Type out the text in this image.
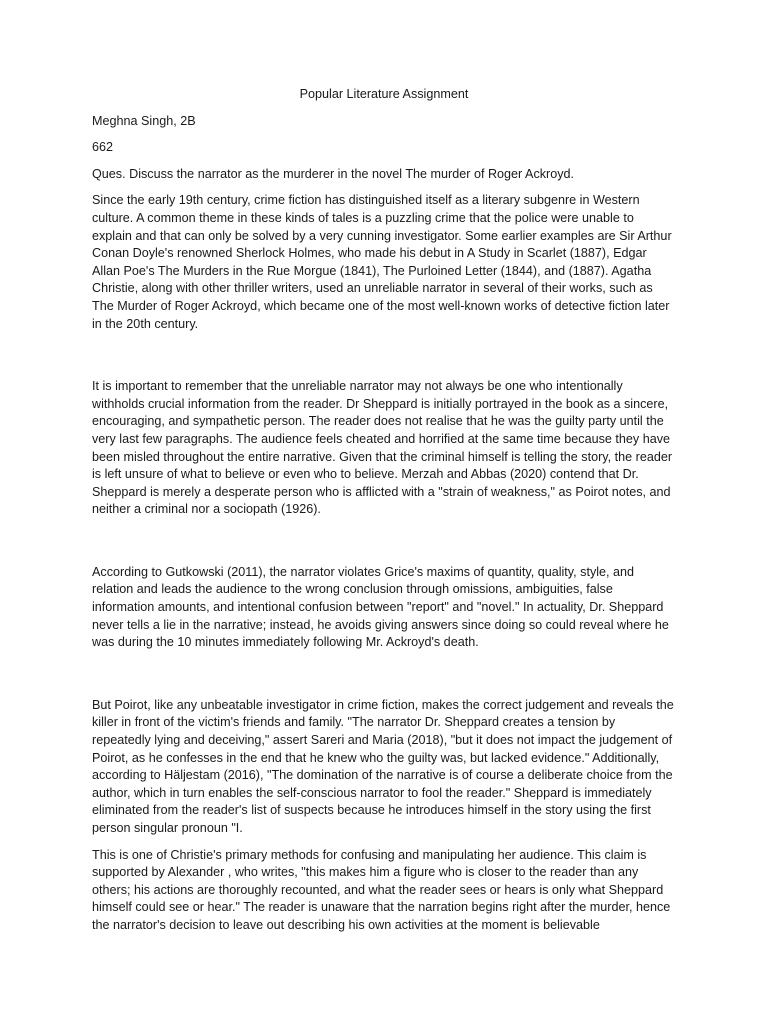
Popular Literature Assignment
Meghna Singh, 2B
662
Ques. Discuss the narrator as the murderer in the novel The murder of Roger Ackroyd.

Since the early 19th century, crime fiction has distinguished itself as a literary subgenre in Western culture. A common theme in these kinds of tales is a puzzling crime that the police were unable to explain and that can only be solved by a very cunning investigator. Some earlier examples are Sir Arthur Conan Doyle's renowned Sherlock Holmes, who made his debut in A Study in Scarlet (1887), Edgar Allan Poe's The Murders in the Rue Morgue (1841), The Purloined Letter (1844), and (1887). Agatha Christie, along with other thriller writers, used an unreliable narrator in several of their works, such as The Murder of Roger Ackroyd, which became one of the most well-known works of detective fiction later in the 20th century.

It is important to remember that the unreliable narrator may not always be one who intentionally withholds crucial information from the reader. Dr Sheppard is initially portrayed in the book as a sincere, encouraging, and sympathetic person. The reader does not realise that he was the guilty party until the very last few paragraphs. The audience feels cheated and horrified at the same time because they have been misled throughout the entire narrative. Given that the criminal himself is telling the story, the reader is left unsure of what to believe or even who to believe. Merzah and Abbas (2020) contend that Dr. Sheppard is merely a desperate person who is afflicted with a "strain of weakness," as Poirot notes, and neither a criminal nor a sociopath (1926).

According to Gutkowski (2011), the narrator violates Grice's maxims of quantity, quality, style, and relation and leads the audience to the wrong conclusion through omissions, ambiguities, false information amounts, and intentional confusion between "report" and "novel." In actuality, Dr. Sheppard never tells a lie in the narrative; instead, he avoids giving answers since doing so could reveal where he was during the 10 minutes immediately following Mr. Ackroyd's death.

But Poirot, like any unbeatable investigator in crime fiction, makes the correct judgement and reveals the killer in front of the victim's friends and family. "The narrator Dr. Sheppard creates a tension by repeatedly lying and deceiving," assert Sareri and Maria (2018), "but it does not impact the judgement of Poirot, as he confesses in the end that he knew who the guilty was, but lacked evidence." Additionally, according to Häljestam (2016), "The domination of the narrative is of course a deliberate choice from the author, which in turn enables the self-conscious narrator to fool the reader." Sheppard is immediately eliminated from the reader's list of suspects because he introduces himself in the story using the first person singular pronoun "I.

This is one of Christie's primary methods for confusing and manipulating her audience. This claim is supported by Alexander , who writes, "this makes him a figure who is closer to the reader than any others; his actions are thoroughly recounted, and what the reader sees or hears is only what Sheppard himself could see or hear." The reader is unaware that the narration begins right after the murder, hence the narrator's decision to leave out describing his own activities at the moment is believable
